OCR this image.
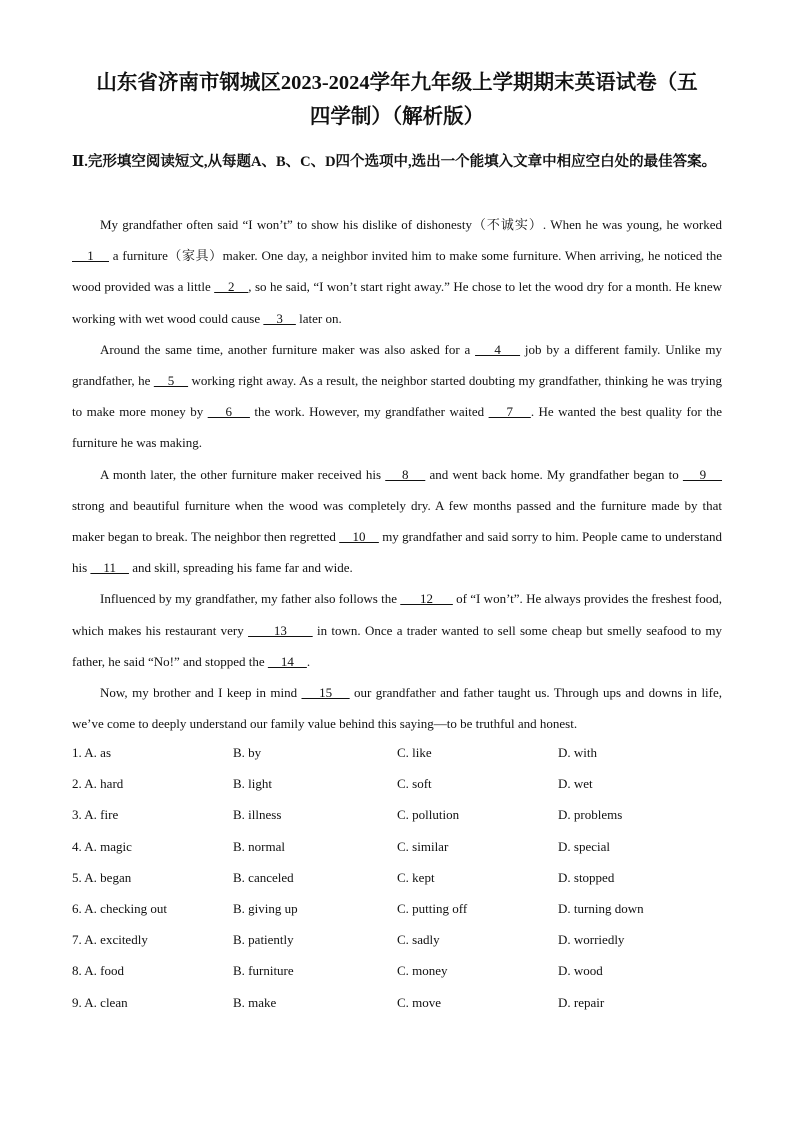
山东省济南市钢城区2023-2024学年九年级上学期期末英语试卷（五
四学制）（解析版）
Ⅱ.完形填空阅读短文,从每题A、B、C、D四个选项中,选出一个能填入文章中相应空白处的最佳答案。

My grandfather often said “I won’t” to show his dislike of dishonesty（不诚实）. When he was young, he worked     1     a furniture（家具）maker. One day, a neighbor invited him to make some furniture. When arriving, he noticed the wood provided was a little     2    , so he said, “I won’t start right away.” He chose to let the wood dry for a month. He knew working with wet wood could cause     3     later on.

Around the same time, another furniture maker was also asked for a     4     job by a different family. Unlike my grandfather, he     5     working right away. As a result, the neighbor started doubting my grandfather, thinking he was trying to make more money by     6     the work. However, my grandfather waited     7    . He wanted the best quality for the furniture he was making.

A month later, the other furniture maker received his     8     and went back home. My grandfather began to     9     strong and beautiful furniture when the wood was completely dry. A few months passed and the furniture made by that maker began to break. The neighbor then regretted     10     my grandfather and said sorry to him. People came to understand his     11     and skill, spreading his fame far and wide.

Influenced by my grandfather, my father also follows the       12       of “I won’t”. He always provides the freshest food, which makes his restaurant very       13       in town. Once a trader wanted to sell some cheap but smelly seafood to my father, he said “No!” and stopped the     14    .

Now, my brother and I keep in mind     15     our grandfather and father taught us. Through ups and downs in life, we’ve come to deeply understand our family value behind this saying—to be truthful and honest.

1. A. as	B. by	C. like	D. with
2. A. hard	B. light	C. soft	D. wet
3. A. fire	B. illness	C. pollution	D. problems
4. A. magic	B. normal	C. similar	D. special
5. A. began	B. canceled	C. kept	D. stopped
6. A. checking out	B. giving up	C. putting off	D. turning down
7. A. excitedly	B. patiently	C. sadly	D. worriedly
8. A. food	B. furniture	C. money	D. wood
9. A. clean	B. make	C. move	D. repair
